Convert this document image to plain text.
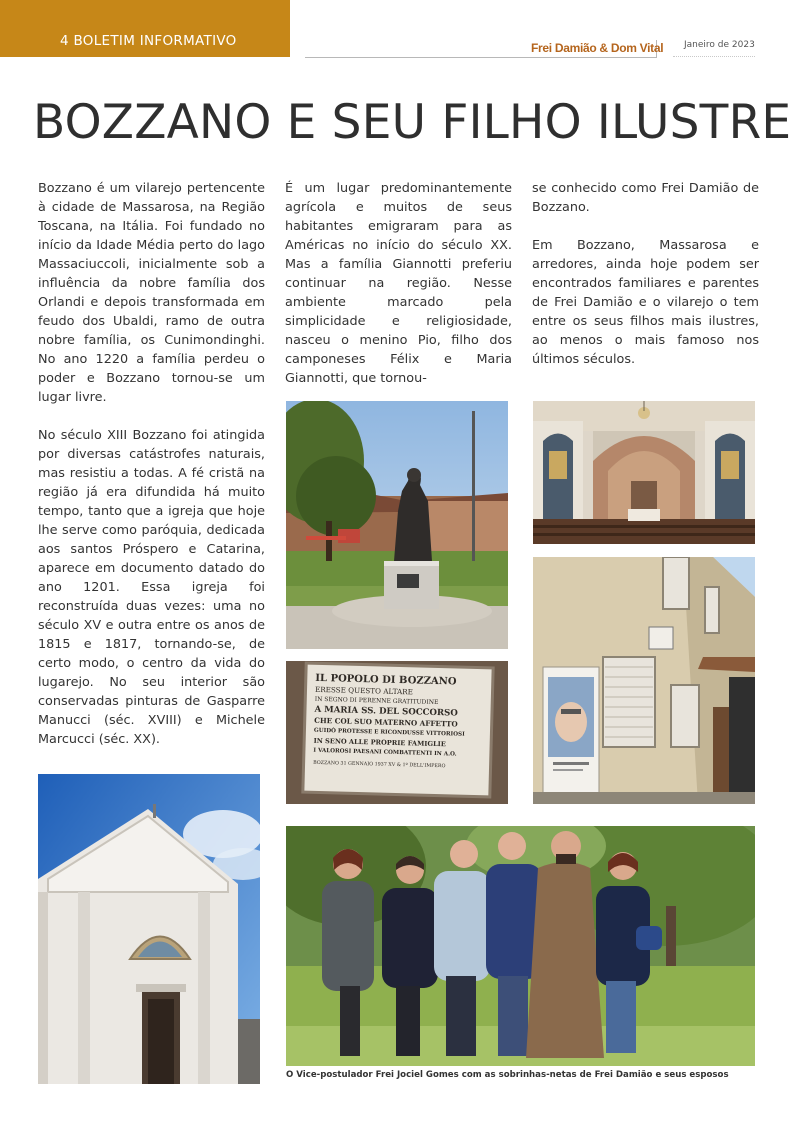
4 BOLETIM INFORMATIVO	Frei Damião & Dom Vital Janeiro de 2023
BOZZANO E SEU FILHO ILUSTRE

Bozzano é um vilarejo pertencente à cidade de Massarosa, na Região Toscana, na Itália. Foi fundado no início da Idade Média perto do lago Massaciuccoli, inicialmente sob a influência da nobre família dos Orlandi e depois transformada em feudo dos Ubaldi, ramo de outra nobre família, os Cunimondinghi. No ano 1220 a família perdeu o poder e Bozzano tornou-se um lugar livre.

No século XIII Bozzano foi atingida por diversas catástrofes naturais, mas resistiu a todas. A fé cristã na região já era difundida há muito tempo, tanto que a igreja que hoje lhe serve como paróquia, dedicada aos santos Próspero e Catarina, aparece em documento datado do ano 1201. Essa igreja foi reconstruída duas vezes: uma no século XV e outra entre os anos de 1815 e 1817, tornando-se, de certo modo, o centro da vida do lugarejo. No seu interior são conservadas pinturas de Gasparre Manucci (séc. XVIII) e Michele Marcucci (séc. XX).

É um lugar predominantemente agrícola e muitos de seus habitantes emigraram para as Américas no início do século XX. Mas a família Giannotti preferiu continuar na região. Nesse ambiente marcado pela simplicidade e religiosidade, nasceu o menino Pio, filho dos camponeses Félix e Maria Giannotti, que tornou-

se conhecido como Frei Damião de Bozzano.

Em Bozzano, Massarosa e arredores, ainda hoje podem ser encontrados familiares e parentes de Frei Damião e o vilarejo o tem entre os seus filhos mais ilustres, ao menos o mais famoso nos últimos séculos.

IL POPOLO DI BOZZANO
ERESSE QUESTO ALTARE
IN SEGNO DI PERENNE GRATITUDINE
A MARIA SS. DEL SOCCORSO
CHE COL SUO MATERNO AFFETTO
GUIDÒ PROTESSE E RICONDUSSE VITTORIOSI
IN SENO ALLE PROPRIE FAMIGLIE
I VALOROSI PAESANI COMBATTENTI IN A.O.
BOZZANO 31 GENNAIO 1937 XV & 1º DELL'IMPERO
O Vice-postulador Frei Jociel Gomes com as sobrinhas-netas de Frei Damião e seus esposos
